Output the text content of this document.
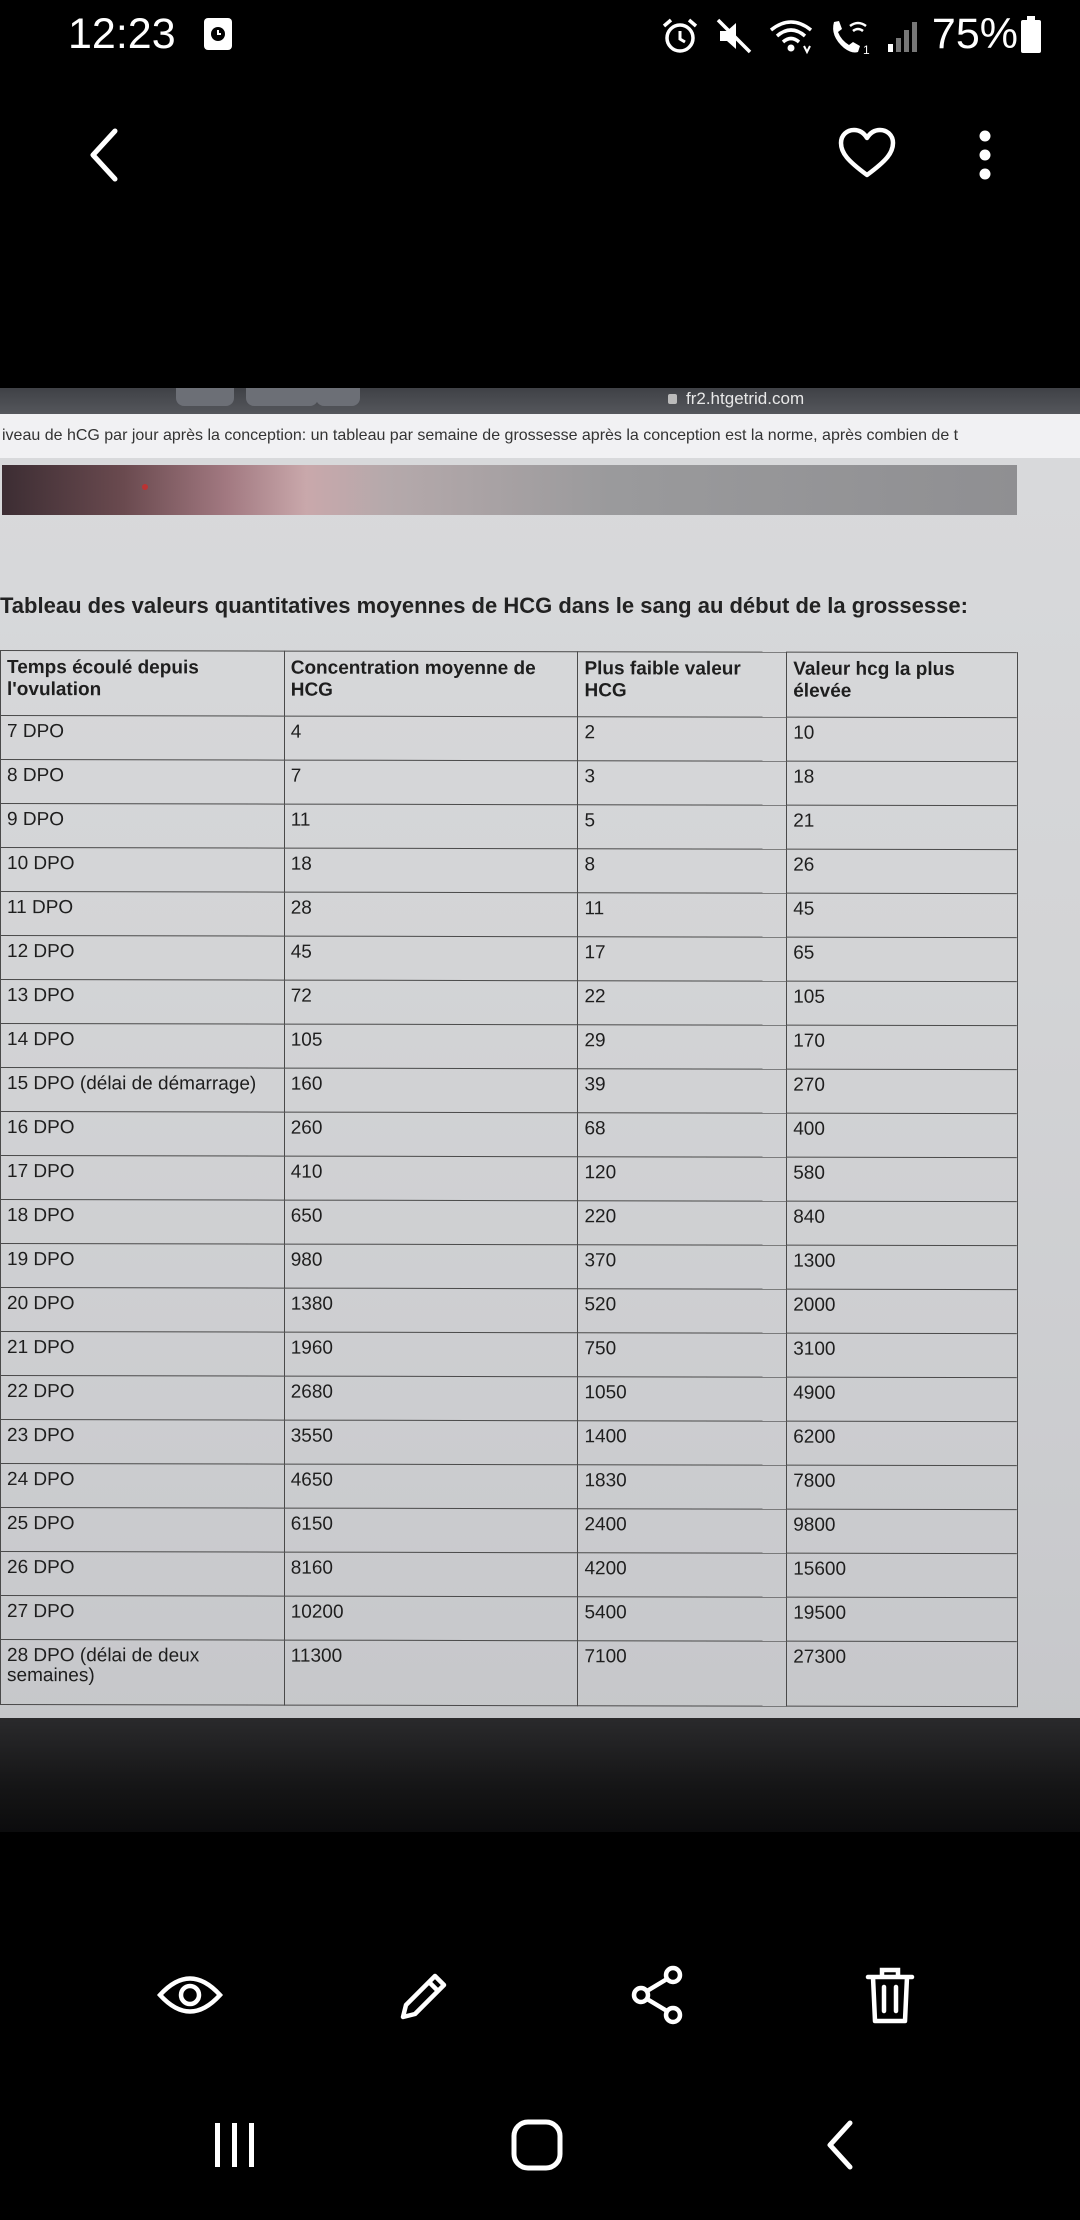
12:23	1 75%
fr2.htgetrid.com
iveau de hCG par jour après la conception: un tableau par semaine de grossesse après la conception est la norme, après combien de t
Tableau des valeurs quantitatives moyennes de HCG dans le sang au début de la grossesse:
Temps écoulé depuis l'ovulation	Concentration moyenne de HCG	Plus faible valeur HCG	Valeur hcg la plus élevée
7 DPO	4	2	10
8 DPO	7	3	18
9 DPO	11	5	21
10 DPO	18	8	26
11 DPO	28	11	45
12 DPO	45	17	65
13 DPO	72	22	105
14 DPO	105	29	170
15 DPO (délai de démarrage)	160	39	270
16 DPO	260	68	400
17 DPO	410	120	580
18 DPO	650	220	840
19 DPO	980	370	1300
20 DPO	1380	520	2000
21 DPO	1960	750	3100
22 DPO	2680	1050	4900
23 DPO	3550	1400	6200
24 DPO	4650	1830	7800
25 DPO	6150	2400	9800
26 DPO	8160	4200	15600
27 DPO	10200	5400	19500
28 DPO (délai de deux semaines)	11300	7100	27300
